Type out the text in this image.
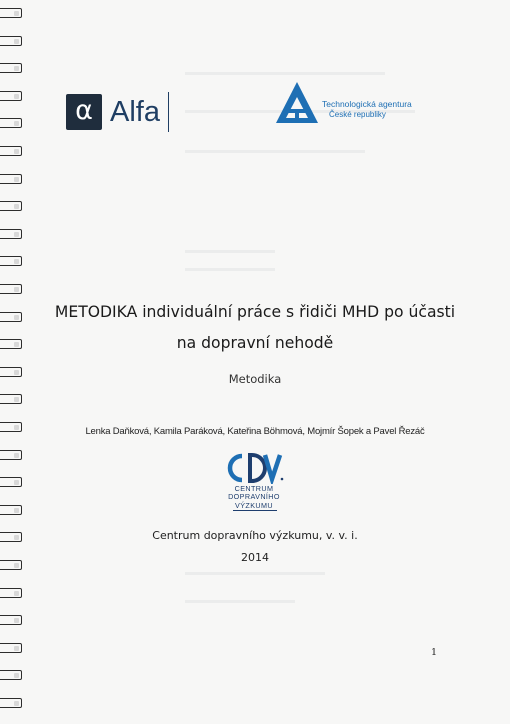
α Alfa	Technologická agentura
České republiky
METODIKA individuální práce s řidiči MHD po účasti
na dopravní nehodě
Metodika
Lenka Daňková, Kamila Paráková, Kateřina Böhmová, Mojmír Šopek a Pavel Řezáč
CENTRUM
DOPRAVNÍHO
VÝZKUMU
Centrum dopravního výzkumu, v. v. i.
2014
1
